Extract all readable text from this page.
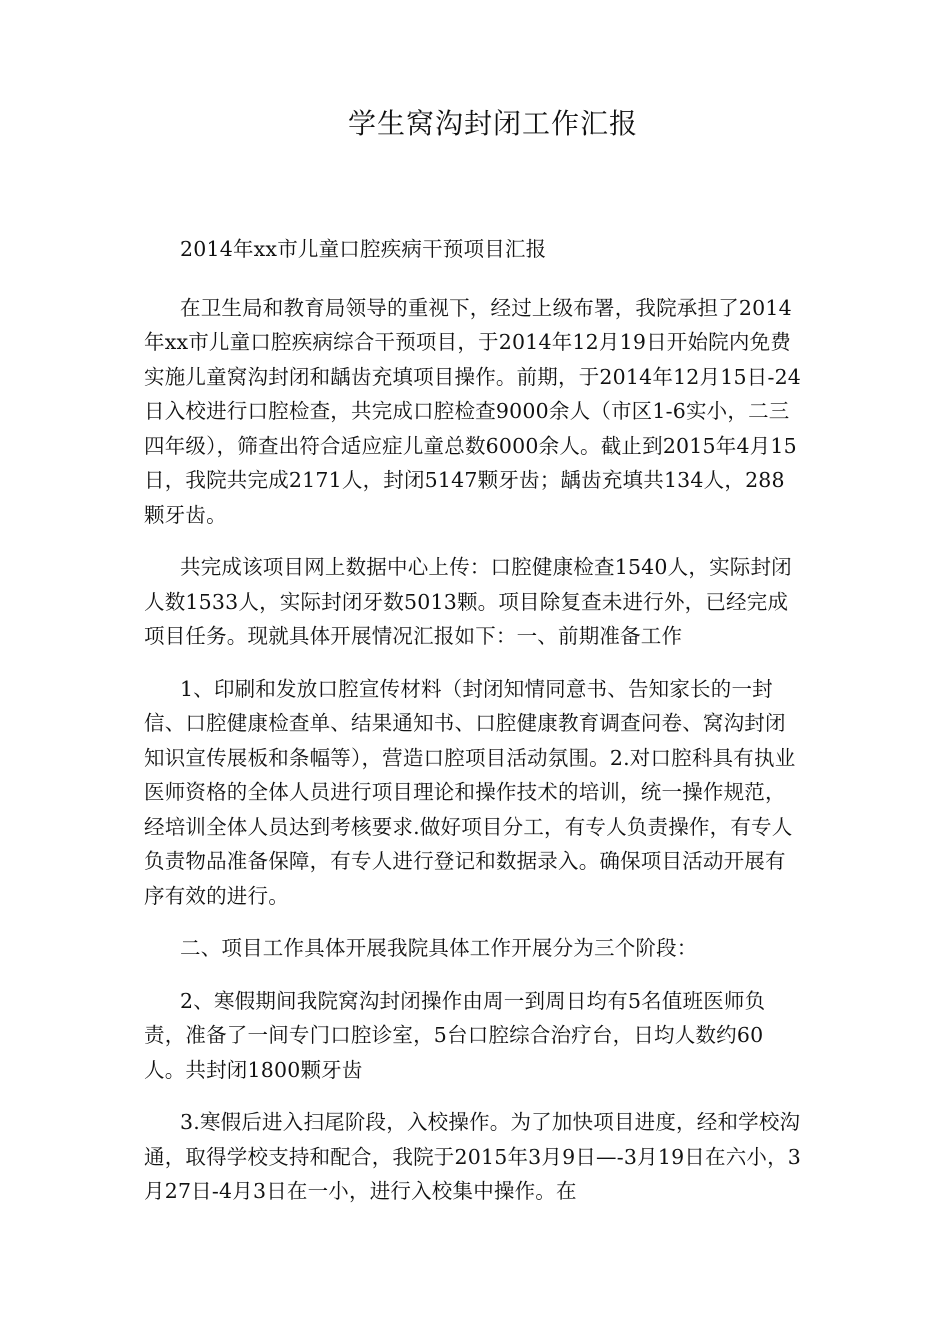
学生窝沟封闭工作汇报

2014年xx市儿童口腔疾病干预项目汇报

在卫生局和教育局领导的重视下，经过上级布署，我院承担了2014年xx市儿童口腔疾病综合干预项目，于2014年12月19日开始院内免费实施儿童窝沟封闭和龋齿充填项目操作。前期，于2014年12月15日-24日入校进行口腔检查，共完成口腔检查9000余人（市区1-6实小，二三四年级），筛查出符合适应症儿童总数6000余人。截止到2015年4月15日，我院共完成2171人，封闭5147颗牙齿；龋齿充填共134人，288颗牙齿。

共完成该项目网上数据中心上传：口腔健康检查1540人，实际封闭人数1533人，实际封闭牙数5013颗。项目除复查未进行外，已经完成项目任务。现就具体开展情况汇报如下：一、前期准备工作

1、印刷和发放口腔宣传材料（封闭知情同意书、告知家长的一封信、口腔健康检查单、结果通知书、口腔健康教育调查问卷、窝沟封闭知识宣传展板和条幅等），营造口腔项目活动氛围。2.对口腔科具有执业医师资格的全体人员进行项目理论和操作技术的培训，统一操作规范，经培训全体人员达到考核要求.做好项目分工，有专人负责操作，有专人负责物品准备保障，有专人进行登记和数据录入。确保项目活动开展有序有效的进行。

二、项目工作具体开展我院具体工作开展分为三个阶段：

2、寒假期间我院窝沟封闭操作由周一到周日均有5名值班医师负责，准备了一间专门口腔诊室，5台口腔综合治疗台，日均人数约60人。共封闭1800颗牙齿

3.寒假后进入扫尾阶段，入校操作。为了加快项目进度，经和学校沟通，取得学校支持和配合，我院于2015年3月9日—-3月19日在六小，3月27日-4月3日在一小，进行入校集中操作。在
